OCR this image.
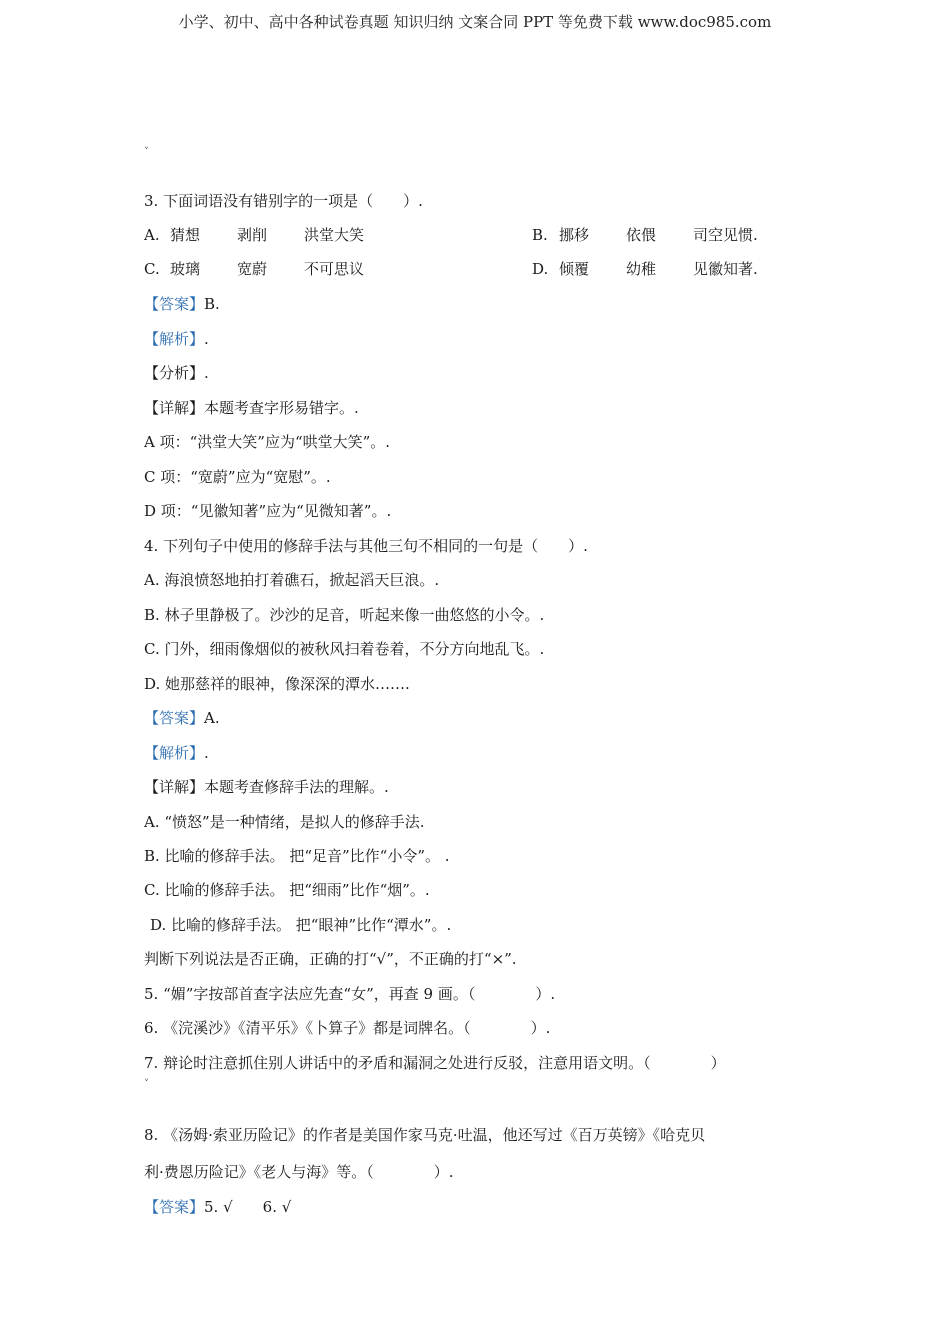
小学、初中、高中各种试卷真题 知识归纳 文案合同 PPT 等免费下载 www.doc985.com
˅
3. 下面词语没有错别字的一项是（　　）.
A. 猜想 剥削 洪堂大笑	B. 挪移 依偎 司空见惯.
C. 玻璃 宽蔚 不可思议	D. 倾覆 幼稚 见徽知著.
【答案】B.
【解析】.
【分析】.
【详解】本题考查字形易错字。.
A 项：“洪堂大笑”应为“哄堂大笑”。.
C 项：“宽蔚”应为“宽慰”。.
D 项：“见徽知著”应为“见微知著”。.
4. 下列句子中使用的修辞手法与其他三句不相同的一句是（　　）.
A. 海浪愤怒地拍打着礁石，掀起滔天巨浪。.
B. 林子里静极了。沙沙的足音，听起来像一曲悠悠的小令。.
C. 门外，细雨像烟似的被秋风扫着卷着，不分方向地乱飞。.
D. 她那慈祥的眼神，像深深的潭水…….
【答案】A.
【解析】.
【详解】本题考查修辞手法的理解。.
A. “愤怒”是一种情绪，是拟人的修辞手法.
B. 比喻的修辞手法。 把“足音”比作“小令”。 .
C. 比喻的修辞手法。 把“细雨”比作“烟”。.
D. 比喻的修辞手法。 把“眼神”比作“潭水”。.
判断下列说法是否正确，正确的打“√”，不正确的打“×”.
5. “媚”字按部首查字法应先查“女”，再查 9 画。（　　　　）.
6. 《浣溪沙》《清平乐》《卜算子》都是词牌名。（　　　　）.
7. 辩论时注意抓住别人讲话中的矛盾和漏洞之处进行反驳，注意用语文明。（　　　　）
˅
8. 《汤姆·索亚历险记》的作者是美国作家马克·吐温，他还写过《百万英镑》《哈克贝
利·费恩历险记》《老人与海》等。（　　　　）.
【答案】5. √　　6. √
